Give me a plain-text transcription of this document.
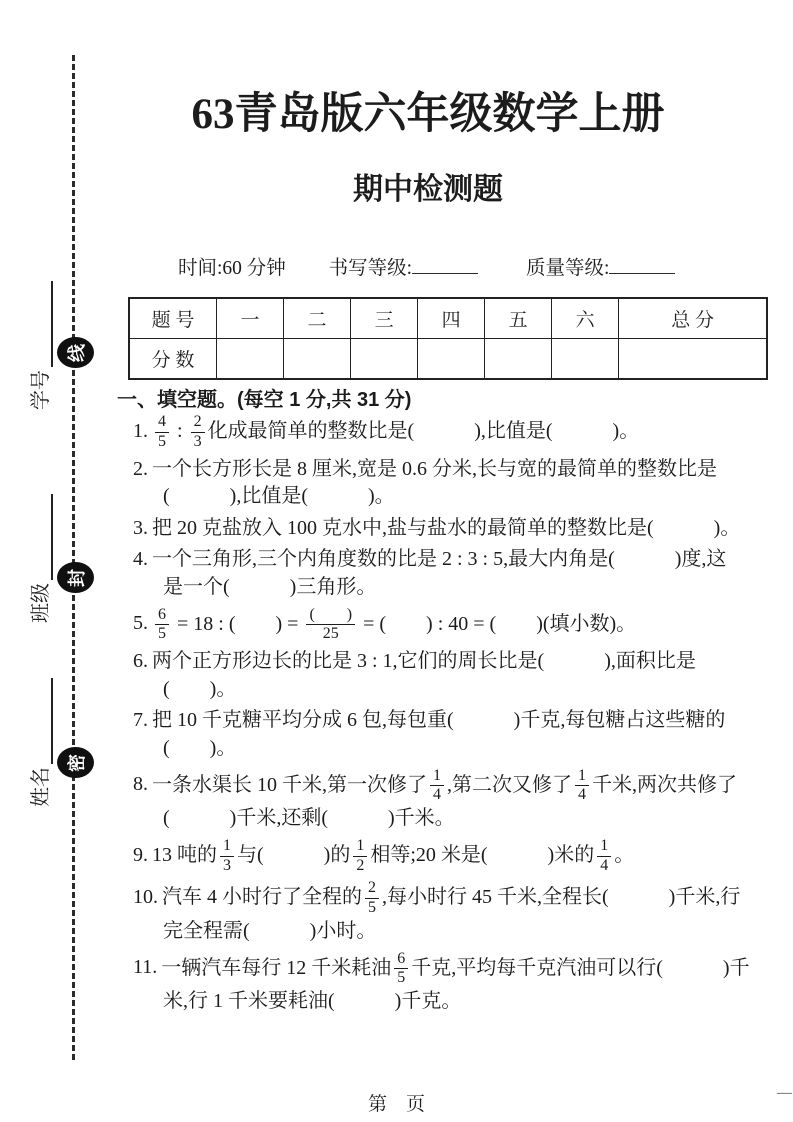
63青岛版六年级数学上册
期中检测题
时间:60 分钟 书写等级:	质量等级:
题 号	一	二	三	四	五	六	总 分
分 数							
一、填空题。(每空 1 分,共 31 分)
1. $\frac{4}{5}$ : $\frac{2}{3}$ 化成最简单的整数比是(　　　),比值是(　　　)。
2. 一个长方形长是 8 厘米,宽是 0.6 分米,长与宽的最简单的整数比是
(　　　),比值是(　　　)。
3. 把 20 克盐放入 100 克水中,盐与盐水的最简单的整数比是(　　　)。
4. 一个三角形,三个内角度数的比是 2 : 3 : 5,最大内角是(　　　)度,这
是一个(　　　)三角形。
5. $\frac{6}{5} = 18$ : (　　) = $\frac{( )}{25}$ = (　　) : 40 = (　　)(填小数)。
6. 两个正方形边长的比是 3 : 1,它们的周长比是(　　　),面积比是
(　　)。
7. 把 10 千克糖平均分成 6 包,每包重(　　　)千克,每包糖占这些糖的
(　　)。
8. 一条水渠长 10 千米,第一次修了 $\frac{1}{4}$ ,第二次又修了 $\frac{1}{4}$ 千米,两次共修了
(　　　)千米,还剩(　　　)千米。
9. 13 吨的 $\frac{1}{3}$ 与(　　　)的 $\frac{1}{2}$ 相等;20 米是(　　　)米的 $\frac{1}{4}$ 。
10. 汽车 4 小时行了全程的 $\frac{2}{5}$ ,每小时行 45 千米,全程长(　　　)千米,行
完全程需(　　　)小时。
11. 一辆汽车每行 12 千米耗油 $\frac{6}{5}$ 千克,平均每千克汽油可以行(　　　)千
米,行 1 千米要耗油(　　　)千克。
第　页
—
学号
班级
姓名
线
封
密
